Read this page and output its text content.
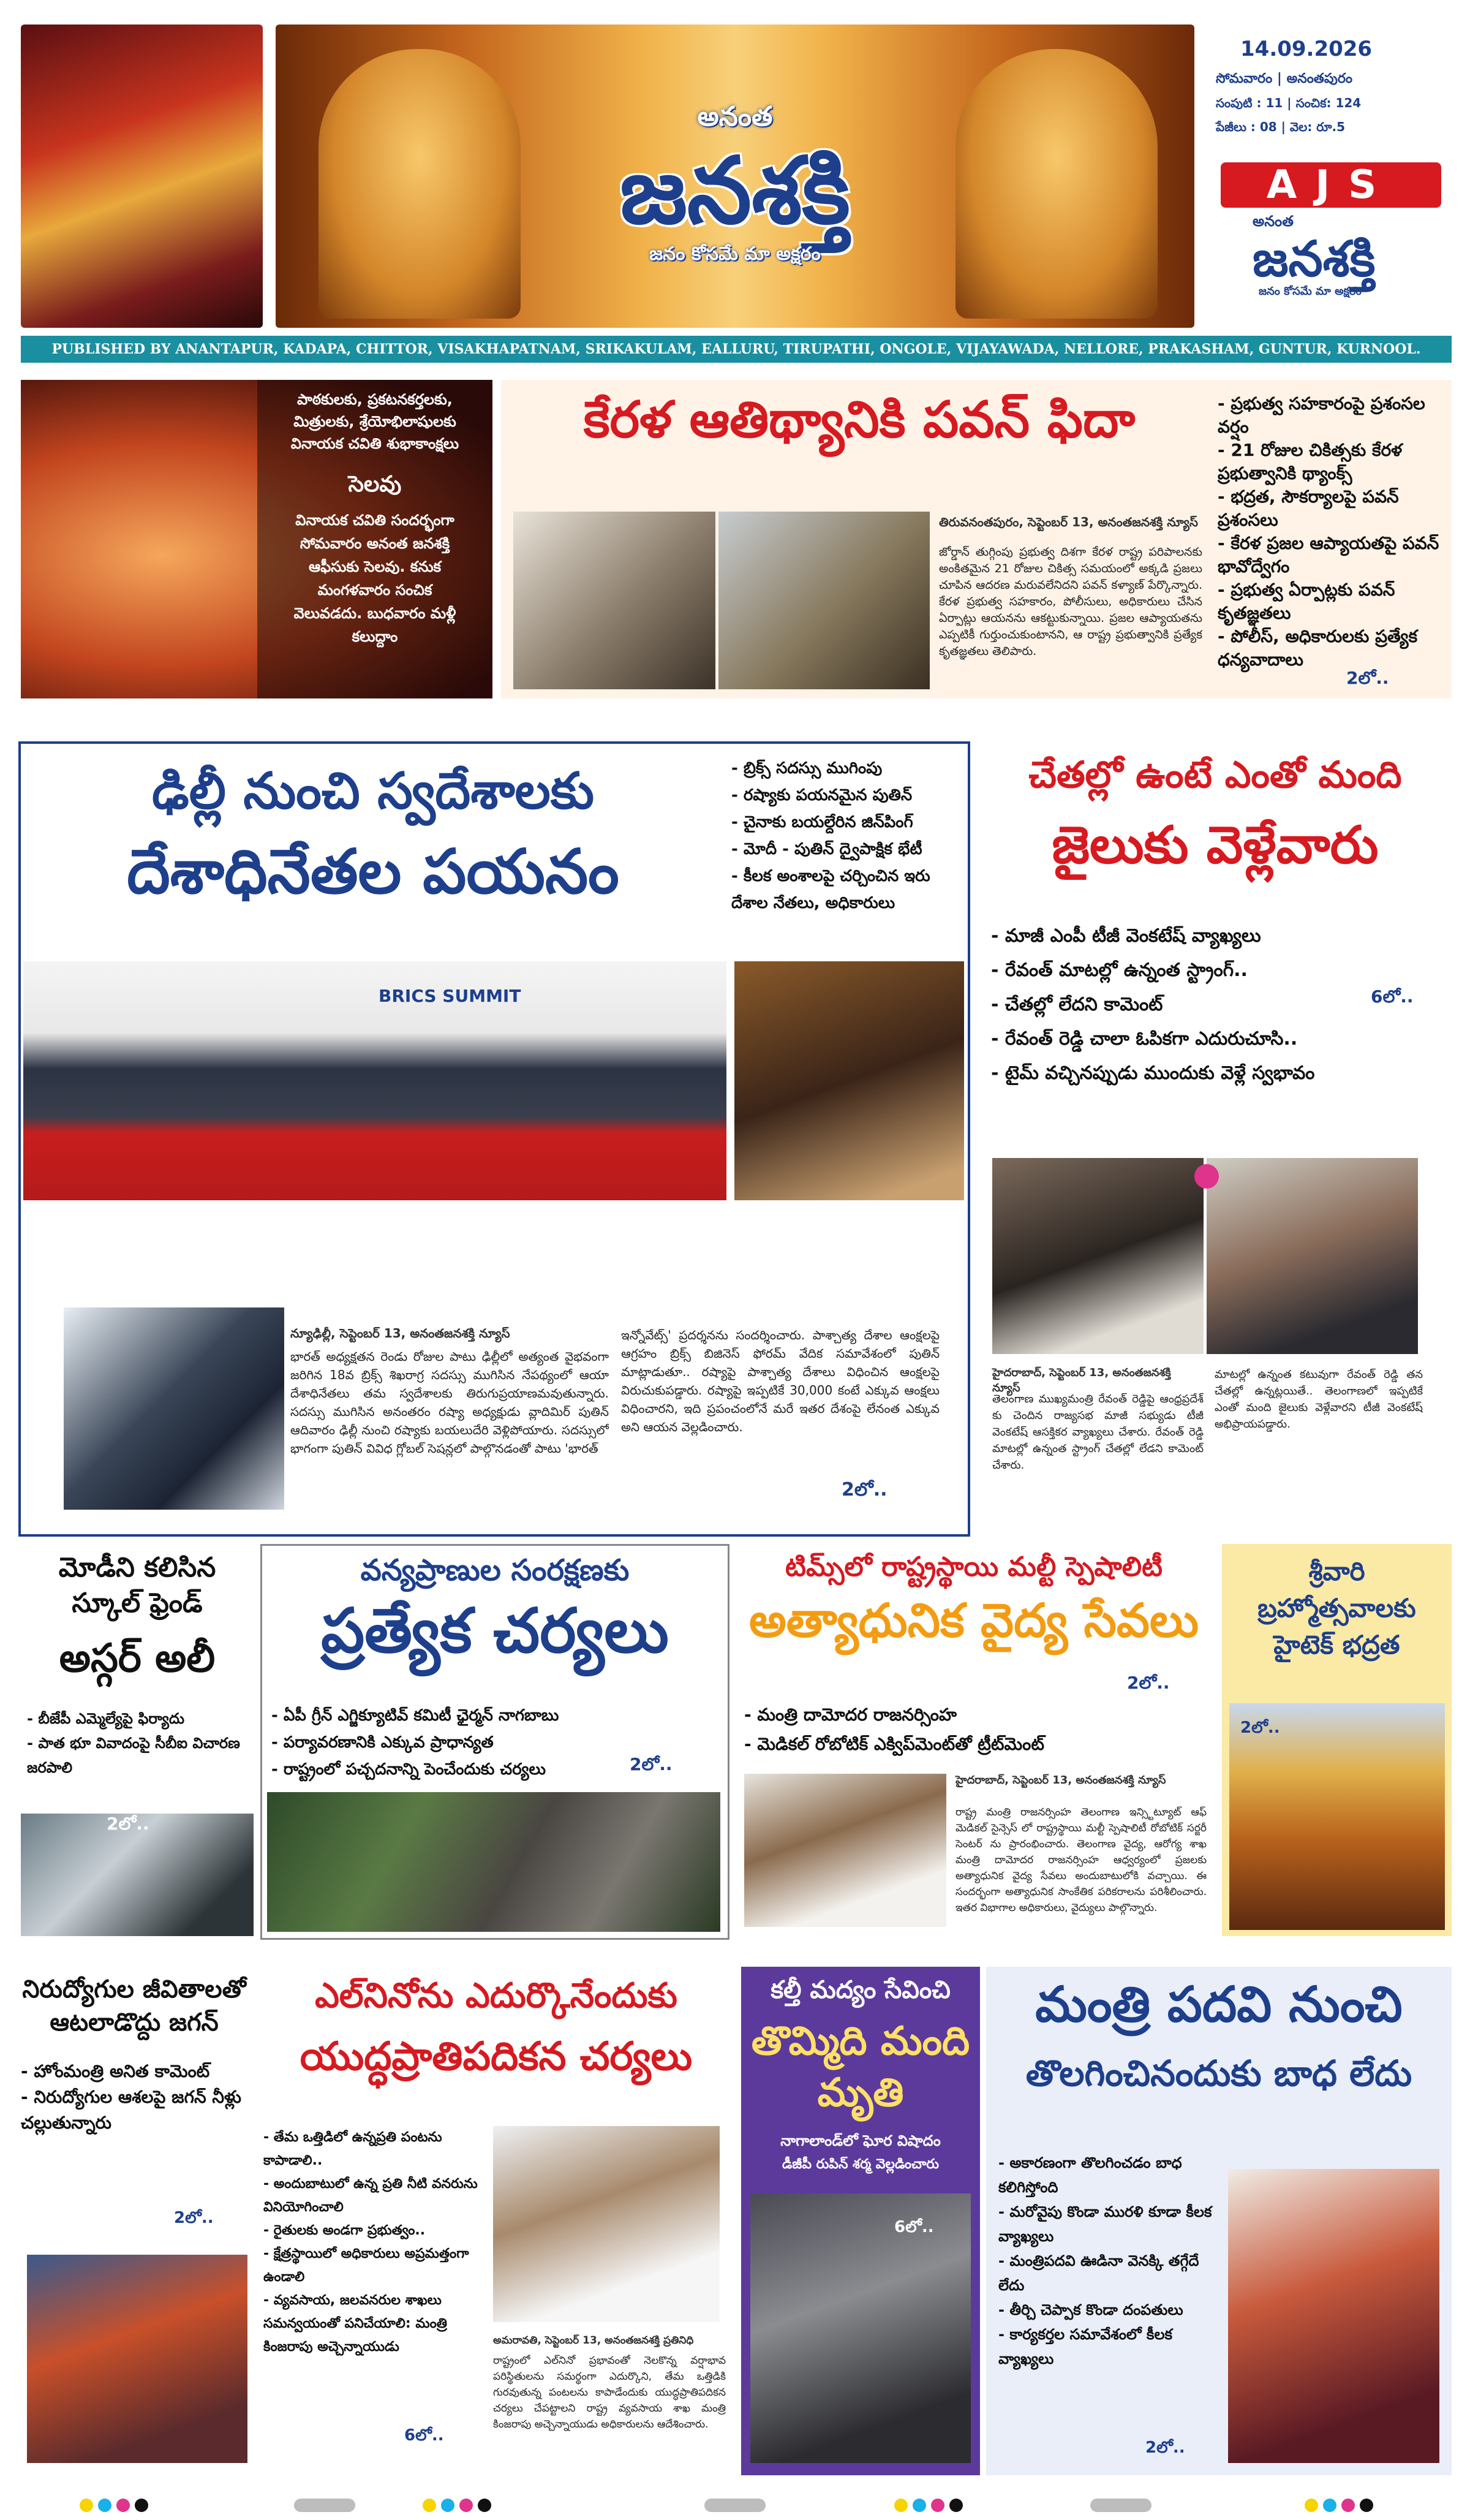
అనంత
జనశక్తి
జనం కోసమే మా అక్షరం
14.09.2026
సోమవారం | అనంతపురం
సంపుటి : 11 | సంచిక: 124
పేజీలు : 08 | వెల: రూ.5
AJS
అనంత
జనశక్తి
జనం కోసమే మా అక్షరం
PUBLISHED BY ANANTAPUR, KADAPA, CHITTOR, VISAKHAPATNAM, SRIKAKULAM, EALLURU, TIRUPATHI, ONGOLE, VIJAYAWADA, NELLORE, PRAKASHAM, GUNTUR, KURNOOL.
పాఠకులకు, ప్రకటనకర్తలకు, మిత్రులకు, శ్రేయోభిలాషులకు వినాయక చవితి శుభాకాంక్షలు
సెలవు
వినాయక చవితి సందర్భంగా సోమవారం అనంత జనశక్తి ఆఫీసుకు సెలవు. కనుక మంగళవారం సంచిక వెలువడదు. బుధవారం మళ్లీ కలుద్దాం
కేరళ ఆతిథ్యానికి పవన్ ఫిదా
తిరువనంతపురం, సెప్టెంబర్ 13, అనంతజనశక్తి న్యూస్
జోర్డాన్ తుగ్గింపు ప్రభుత్వ దిశగా కేరళ రాష్ట్ర పరిపాలనకు అంకితమైన 21 రోజుల చికిత్స సమయంలో అక్కడి ప్రజలు చూపిన ఆదరణ మరువలేనిదని పవన్ కళ్యాణ్ పేర్కొన్నారు. కేరళ ప్రభుత్వ సహకారం, పోలీసులు, అధికారులు చేసిన ఏర్పాట్లు ఆయనను ఆకట్టుకున్నాయి. ప్రజల ఆప్యాయతను ఎప్పటికీ గుర్తుంచుకుంటానని, ఆ రాష్ట్ర ప్రభుత్వానికి ప్రత్యేక కృతజ్ఞతలు తెలిపారు.
- ప్రభుత్వ సహకారంపై ప్రశంసల వర్షం
- 21 రోజుల చికిత్సకు కేరళ ప్రభుత్వానికి థ్యాంక్స్
- భద్రత, సౌకర్యాలపై పవన్ ప్రశంసలు
- కేరళ ప్రజల ఆప్యాయతపై పవన్ భావోద్వేగం
- ప్రభుత్వ ఏర్పాట్లకు పవన్ కృతజ్ఞతలు
- పోలీస్, అధికారులకు ప్రత్యేక ధన్యవాదాలు
2లో..
ఢిల్లీ నుంచి స్వదేశాలకు
దేశాధినేతల పయనం
- బ్రిక్స్ సదస్సు ముగింపు
- రష్యాకు పయనమైన పుతిన్
- చైనాకు బయల్దేరిన జిన్‌పింగ్
- మోదీ - పుతిన్ ద్వైపాక్షిక భేటీ
- కీలక అంశాలపై చర్చించిన ఇరు దేశాల నేతలు, అధికారులు
BRICS SUMMIT
న్యూఢిల్లీ, సెప్టెంబర్ 13, అనంతజనశక్తి న్యూస్
భారత్ అధ్యక్షతన రెండు రోజుల పాటు ఢిల్లీలో అత్యంత వైభవంగా జరిగిన 18వ బ్రిక్స్ శిఖరాగ్ర సదస్సు ముగిసిన నేపథ్యంలో ఆయా దేశాధినేతలు తమ స్వదేశాలకు తిరుగుప్రయాణమవుతున్నారు. సదస్సు ముగిసిన అనంతరం రష్యా అధ్యక్షుడు వ్లాదిమిర్ పుతిన్ ఆదివారం ఢిల్లీ నుంచి రష్యాకు బయలుదేరి వెళ్లిపోయారు. సదస్సులో భాగంగా పుతిన్ వివిధ గ్లోబల్ సెషన్లలో పాల్గొనడంతో పాటు 'భారత్
ఇన్నోవేట్స్' ప్రదర్శనను సందర్శించారు. పాశ్చాత్య దేశాల ఆంక్షలపై ఆగ్రహం బ్రిక్స్ బిజినెస్ ఫోరమ్ వేదిక సమావేశంలో పుతిన్ మాట్లాడుతూ.. రష్యాపై పాశ్చాత్య దేశాలు విధించిన ఆంక్షలపై విరుచుకుపడ్డారు. రష్యాపై ఇప్పటికే 30,000 కంటే ఎక్కువ ఆంక్షలు విధించారని, ఇది ప్రపంచంలోనే మరే ఇతర దేశంపై లేనంత ఎక్కువ అని ఆయన వెల్లడించారు.
2లో..
చేతల్లో ఉంటే ఎంతో మంది
జైలుకు వెళ్లేవారు
- మాజీ ఎంపీ టీజీ వెంకటేష్ వ్యాఖ్యలు
- రేవంత్ మాటల్లో ఉన్నంత స్ట్రాంగ్..
- చేతల్లో లేదని కామెంట్
- రేవంత్ రెడ్డి చాలా ఓపికగా ఎదురుచూసి..
- టైమ్ వచ్చినప్పుడు ముందుకు వెళ్లే స్వభావం
6లో..
హైదరాబాద్, సెప్టెంబర్ 13, అనంతజనశక్తి న్యూస్
తెలంగాణ ముఖ్యమంత్రి రేవంత్ రెడ్డిపై ఆంధ్రప్రదేశ్ కు చెందిన రాజ్యసభ మాజీ సభ్యుడు టీజీ వెంకటేష్ ఆసక్తికర వ్యాఖ్యలు చేశారు. రేవంత్ రెడ్డి మాటల్లో ఉన్నంత స్ట్రాంగ్ చేతల్లో లేడని కామెంట్ చేశారు.
మాటల్లో ఉన్నంత కటువుగా రేవంత్ రెడ్డి తన చేతల్లో ఉన్నట్లయితే.. తెలంగాణలో ఇప్పటికే ఎంతో మంది జైలుకు వెళ్లేవారని టీజీ వెంకటేష్ అభిప్రాయపడ్డారు.
మోడీని కలిసిన స్కూల్ ఫ్రెండ్
అస్గర్ అలీ
- బీజేపీ ఎమ్మెల్యేపై ఫిర్యాదు
- పాత భూ వివాదంపై సీబీఐ విచారణ జరపాలి
2లో..
వన్యప్రాణుల సంరక్షణకు
ప్రత్యేక చర్యలు
- ఏపీ గ్రీన్ ఎగ్జిక్యూటివ్ కమిటీ ఛైర్మన్ నాగబాబు
- పర్యావరణానికి ఎక్కువ ప్రాధాన్యత
- రాష్ట్రంలో పచ్చదనాన్ని పెంచేందుకు చర్యలు	2లో..
టిమ్స్‌లో రాష్ట్రస్థాయి మల్టీ స్పెషాలిటీ
అత్యాధునిక వైద్య సేవలు
2లో..
- మంత్రి దామోదర రాజనర్సింహ
- మెడికల్ రోబోటిక్ ఎక్విప్‌మెంట్‌తో ట్రీట్‌మెంట్
హైదరాబాద్, సెప్టెంబర్ 13, అనంతజనశక్తి న్యూస్
రాష్ట్ర మంత్రి రాజనర్సింహ తెలంగాణ ఇన్స్టిట్యూట్ ఆఫ్ మెడికల్ సైన్సెస్ లో రాష్ట్రస్థాయి మల్టీ స్పెషాలిటీ రోబోటిక్ సర్జరీ సెంటర్ ను ప్రారంభించారు. తెలంగాణ వైద్య, ఆరోగ్య శాఖ మంత్రి దామోదర రాజనర్సింహ ఆధ్వర్యంలో ప్రజలకు అత్యాధునిక వైద్య సేవలు అందుబాటులోకి వచ్చాయి. ఈ సందర్భంగా అత్యాధునిక సాంకేతిక పరికరాలను పరిశీలించారు. ఇతర విభాగాల అధికారులు, వైద్యులు పాల్గొన్నారు.
శ్రీవారి బ్రహ్మోత్సవాలకు హైటెక్ భద్రత
2లో..
నిరుద్యోగుల జీవితాలతో ఆటలాడొద్దు జగన్
- హోంమంత్రి అనిత కామెంట్
- నిరుద్యోగుల ఆశలపై జగన్ నీళ్లు చల్లుతున్నారు
2లో..
ఎల్‌నినోను ఎదుర్కొనేందుకు
యుద్ధప్రాతిపదికన చర్యలు
- తేమ ఒత్తిడిలో ఉన్నప్రతి పంటను కాపాడాలి..
- అందుబాటులో ఉన్న ప్రతి నీటి వనరును వినియోగించాలి
- రైతులకు అండగా ప్రభుత్వం..
- క్షేత్రస్థాయిలో అధికారులు అప్రమత్తంగా ఉండాలి
- వ్యవసాయ, జలవనరుల శాఖలు సమన్వయంతో పనిచేయాలి: మంత్రి కింజరాపు అచ్చెన్నాయుడు
6లో..
అమరావతి, సెప్టెంబర్ 13, అనంతజనశక్తి ప్రతినిధి
రాష్ట్రంలో ఎల్‌నినో ప్రభావంతో నెలకొన్న వర్షాభావ పరిస్థితులను సమర్థంగా ఎదుర్కొని, తేమ ఒత్తిడికి గురవుతున్న పంటలను కాపాడేందుకు యుద్ధప్రాతిపదికన చర్యలు చేపట్టాలని రాష్ట్ర వ్యవసాయ శాఖ మంత్రి కింజరాపు అచ్చెన్నాయుడు అధికారులను ఆదేశించారు.
కల్తీ మద్యం సేవించి
తొమ్మిది మంది మృతి
నాగాలాండ్‌లో ఘోర విషాదం
డీజీపీ రుపిన్ శర్మ వెల్లడించారు
6లో..
మంత్రి పదవి నుంచి
తొలగించినందుకు బాధ లేదు
- అకారణంగా తొలగించడం బాధ కలిగిస్తోంది
- మరోవైపు కొండా మురళి కూడా కీలక వ్యాఖ్యలు
- మంత్రిపదవి ఊడినా వెనక్కి తగ్గేదే లేదు
- తీర్చి చెప్పాక కొండా దంపతులు
- కార్యకర్తల సమావేశంలో కీలక వ్యాఖ్యలు
2లో..
